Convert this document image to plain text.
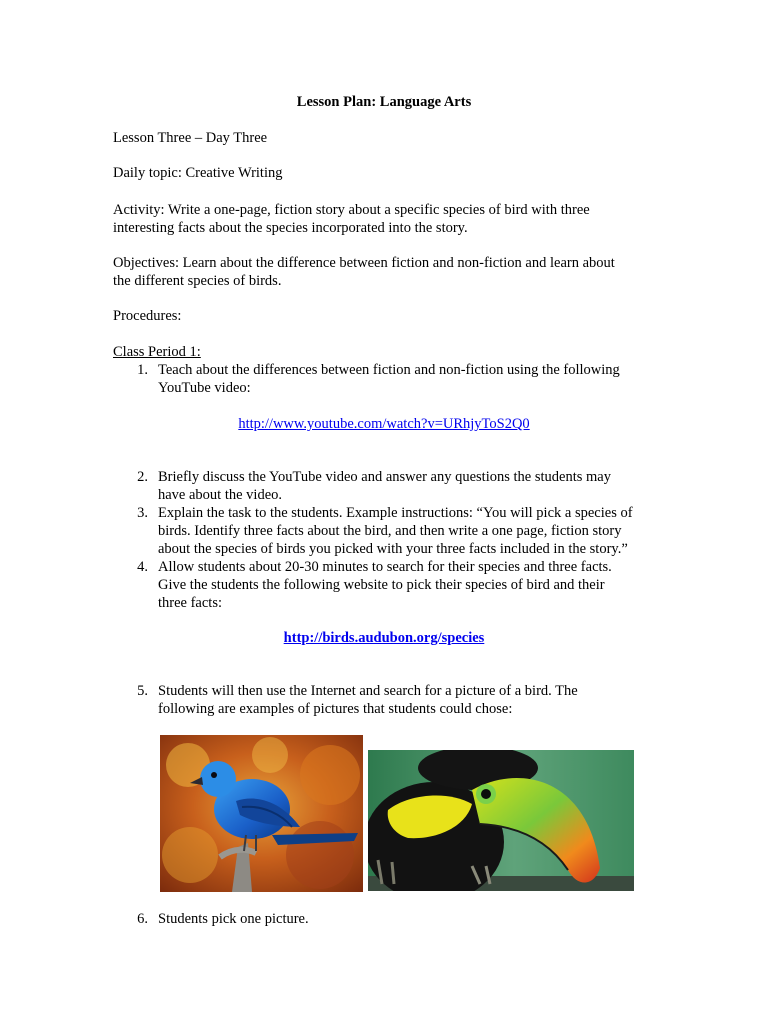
Lesson Plan: Language Arts

Lesson Three – Day Three

Daily topic: Creative Writing

Activity: Write a one-page, fiction story about a specific species of bird with three

interesting facts about the species incorporated into the story.

Objectives: Learn about the difference between fiction and non-fiction and learn about

the different species of birds.

Procedures:

Class Period 1:

1. Teach about the differences between fiction and non-fiction using the following

YouTube video:

http://www.youtube.com/watch?v=URhjyToS2Q0

2. Briefly discuss the YouTube video and answer any questions the students may

have about the video.

3. Explain the task to the students. Example instructions: “You will pick a species of

birds. Identify three facts about the bird, and then write a one page, fiction story

about the species of birds you picked with your three facts included in the story.”

4. Allow students about 20-30 minutes to search for their species and three facts.

Give the students the following website to pick their species of bird and their

three facts:

http://birds.audubon.org/species

5. Students will then use the Internet and search for a picture of a bird. The

following are examples of pictures that students could chose:

6. Students pick one picture.
